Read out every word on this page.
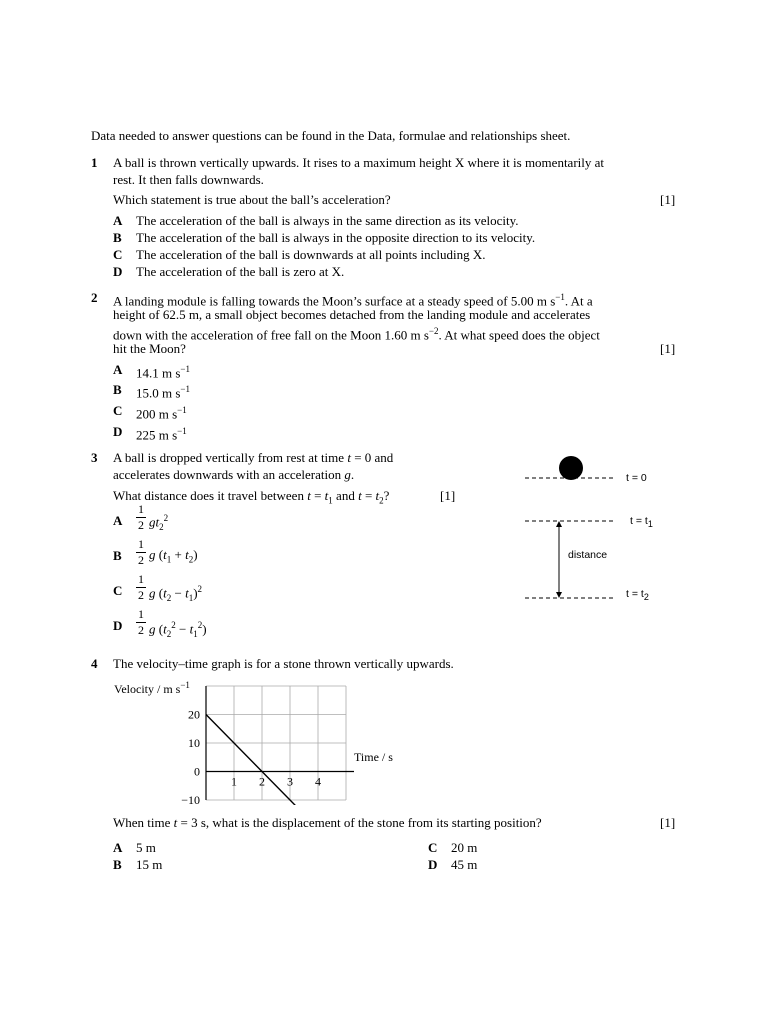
Data needed to answer questions can be found in the Data, formulae and relationships sheet.
1 A ball is thrown vertically upwards. It rises to a maximum height X where it is momentarily at
rest. It then falls downwards.
Which statement is true about the ball’s acceleration?	[1]
A The acceleration of the ball is always in the same direction as its velocity.
B The acceleration of the ball is always in the opposite direction to its velocity.
C The acceleration of the ball is downwards at all points including X.
D The acceleration of the ball is zero at X.
2 A landing module is falling towards the Moon’s surface at a steady speed of 5.00 m $s^{-1}$. At a
height of 62.5 m, a small object becomes detached from the landing module and accelerates
down with the acceleration of free fall on the Moon 1.60 m $s^{-2}$. At what speed does the object
hit the Moon?	[1]
A 14.1 m $s^{-1}$
B 15.0 m $s^{-1}$
C 200 m $s^{-1}$
D 225 m $s^{-1}$
3 A ball is dropped vertically from rest at time t = 0 and
accelerates downwards with an acceleration g.
What distance does it travel between $t = t_1$ and $t = t_2$?	[1]
A
1
2 $gt_2^2$
B
1
2 g $(t_1 + t_2)$
C
1
2 g $(t_2 - t_1)^2$
D
1
2 g $(t_2^2 - t_1^2)$
t = 0
$t = t_1$
distance
$t = t_2$
4 The velocity–time graph is for a stone thrown vertically upwards.
Velocity / m $s^{-1}$
Time / s
20
10
0
−10
1 2 3 4
When time t = 3 s, what is the displacement of the stone from its starting position?	[1]
A 5 m
B 15 m
C 20 m
D 45 m
